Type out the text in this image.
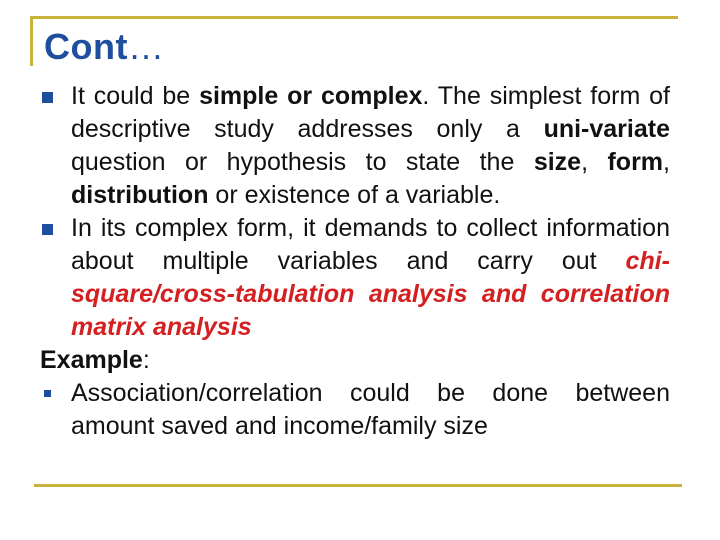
Cont…
It could be simple or complex. The simplest form of descriptive study addresses only a uni-variate question or hypothesis to state the size, form, distribution or existence of a variable.
In its complex form, it demands to collect information about multiple variables and carry out chi-square/cross-tabulation analysis and correlation matrix analysis
Example:
Association/correlation could be done between amount saved and income/family size
